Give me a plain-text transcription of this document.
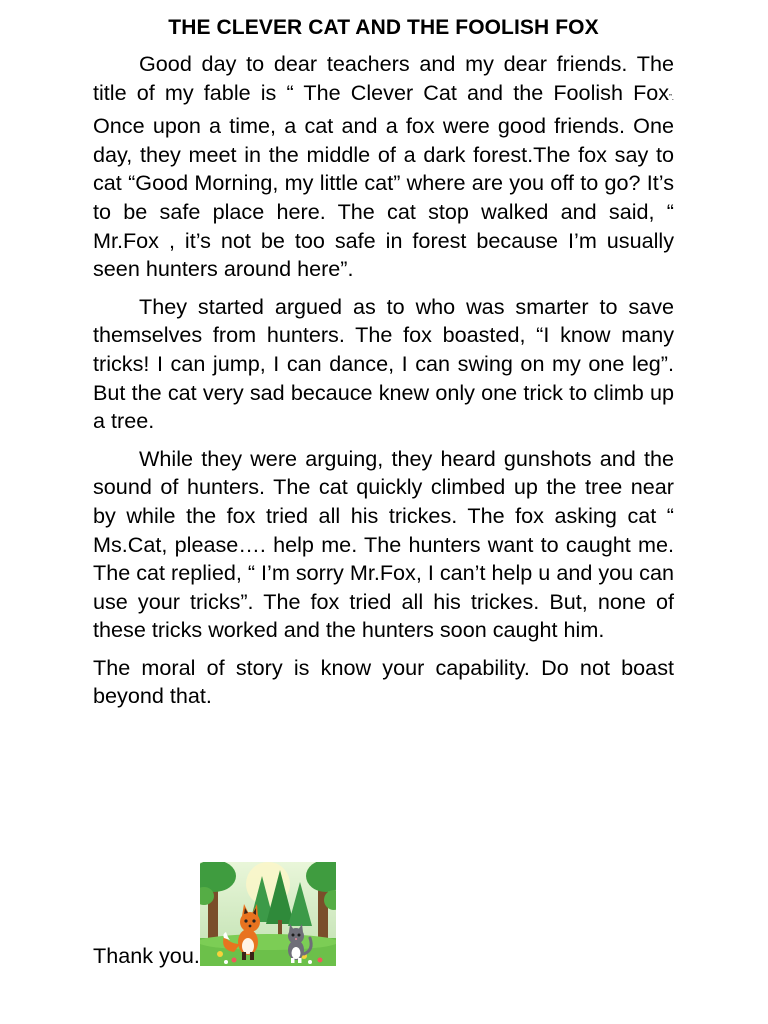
THE CLEVER CAT AND THE FOOLISH FOX

Good day to dear teachers and my dear friends. The title of my fable is “ The Clever Cat and the Foolish Fox”. Once upon a time, a cat and a fox were good friends. One day, they meet in the middle of a dark forest.The fox say to cat “Good Morning, my little cat” where are you off to go? It’s to be safe place here. The cat stop walked and said, “ Mr.Fox , it’s not be too safe in forest because I’m usually seen hunters around here”.

They started argued as to who was smarter to save themselves from hunters. The fox boasted, “I know many tricks! I can jump, I can dance, I can swing on my one leg”. But the cat very sad becauce knew only one trick to climb up a tree.

While they were arguing, they heard gunshots and the sound of hunters. The cat quickly climbed up the tree near by while the fox tried all his trickes. The fox asking cat “ Ms.Cat, please…. help me. The hunters want to caught me. The cat replied, “ I’m sorry Mr.Fox, I can’t help u and you can use your tricks”. The fox tried all his trickes. But, none of these tricks worked and the hunters soon caught him.

The moral of story is know your capability. Do not boast beyond that.

Thank you.
